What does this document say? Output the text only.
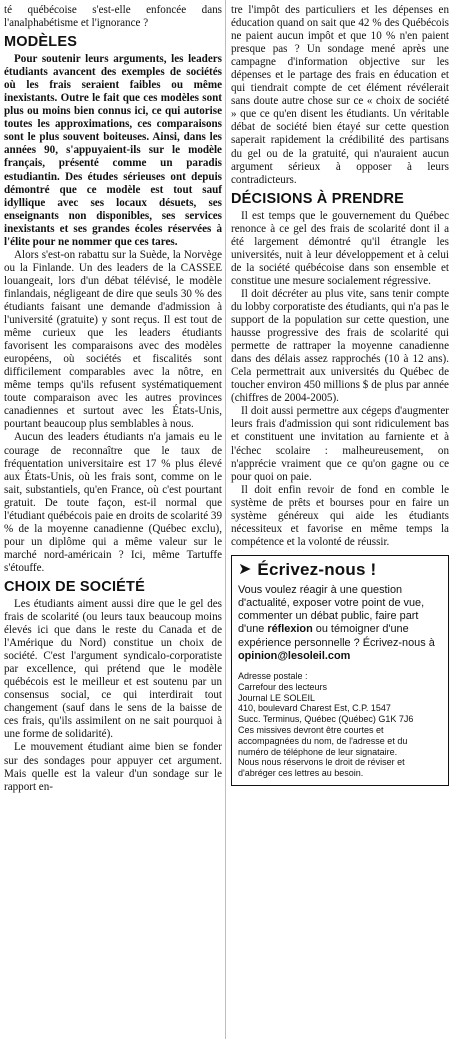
té québécoise s'est-elle enfoncée dans l'analphabétisme et l'ignorance ?

MODÈLES

Pour soutenir leurs arguments, les leaders étudiants avancent des exemples de sociétés où les frais seraient faibles ou même inexistants. Outre le fait que ces modèles sont plus ou moins bien connus ici, ce qui autorise toutes les approximations, ces comparaisons sont le plus souvent boiteuses. Ainsi, dans les années 90, s'appuyaient-ils sur le modèle français, présenté comme un paradis estudiantin. Des études sérieuses ont depuis démontré que ce modèle est tout sauf idyllique avec ses locaux désuets, ses enseignants non disponibles, ses services inexistants et ses grandes écoles réservées à l'élite pour ne nommer que ces tares.

Alors s'est-on rabattu sur la Suède, la Norvège ou la Finlande. Un des leaders de la CASSEE louangeait, lors d'un débat télévisé, le modèle finlandais, négligeant de dire que seuls 30 % des étudiants faisant une demande d'admission à l'université (gratuite) y sont reçus. Il est tout de même curieux que les leaders étudiants favorisent les comparaisons avec des modèles européens, où sociétés et fiscalités sont difficilement comparables avec la nôtre, en même temps qu'ils refusent systématiquement toute comparaison avec les autres provinces canadiennes et surtout avec les États-Unis, pourtant beaucoup plus semblables à nous.

Aucun des leaders étudiants n'a jamais eu le courage de reconnaître que le taux de fréquentation universitaire est 17 % plus élevé aux États-Unis, où les frais sont, comme on le sait, substantiels, qu'en France, où c'est pourtant gratuit. De toute façon, est-il normal que l'étudiant québécois paie en droits de scolarité 39 % de la moyenne canadienne (Québec exclu), pour un diplôme qui a même valeur sur le marché nord-américain ? Ici, même Tartuffe s'étouffe.

CHOIX DE SOCIÉTÉ

Les étudiants aiment aussi dire que le gel des frais de scolarité (ou leurs taux beaucoup moins élevés ici que dans le reste du Canada et de l'Amérique du Nord) constitue un choix de société. C'est l'argument syndicalo-corporatiste par excellence, qui prétend que le modèle québécois est le meilleur et est soutenu par un consensus social, ce qui interdirait tout changement (sauf dans le sens de la baisse de ces frais, qu'ils assimilent on ne sait pourquoi à une forme de solidarité).

Le mouvement étudiant aime bien se fonder sur des sondages pour appuyer cet argument. Mais quelle est la valeur d'un sondage sur le rapport en-

tre l'impôt des particuliers et les dépenses en éducation quand on sait que 42 % des Québécois ne paient aucun impôt et que 10 % n'en paient presque pas ? Un sondage mené après une campagne d'information objective sur les dépenses et le partage des frais en éducation et qui tiendrait compte de cet élément révélerait sans doute autre chose sur ce « choix de société » que ce qu'en disent les étudiants. Un véritable débat de société bien étayé sur cette question saperait rapidement la crédibilité des partisans du gel ou de la gratuité, qui n'auraient aucun argument sérieux à opposer à leurs contradicteurs.

DÉCISIONS À PRENDRE

Il est temps que le gouvernement du Québec renonce à ce gel des frais de scolarité dont il a été largement démontré qu'il étrangle les universités, nuit à leur développement et à celui de la société québécoise dans son ensemble et constitue une mesure socialement régressive.

Il doit décréter au plus vite, sans tenir compte du lobby corporatiste des étudiants, qui n'a pas le support de la population sur cette question, une hausse progressive des frais de scolarité qui permette de rattraper la moyenne canadienne dans des délais assez rapprochés (10 à 12 ans). Cela permettrait aux universités du Québec de toucher environ 450 millions $ de plus par année (chiffres de 2004-2005).

Il doit aussi permettre aux cégeps d'augmenter leurs frais d'admission qui sont ridiculement bas et constituent une invitation au farniente et à l'échec scolaire : malheureusement, on n'apprécie vraiment que ce qu'on gagne ou ce pour quoi on paie.

Il doit enfin revoir de fond en comble le système de prêts et bourses pour en faire un système généreux qui aide les étudiants nécessiteux et favorise en même temps la compétence et la volonté de réussir.

➤ Écrivez-nous !
Vous voulez réagir à une question d'actualité, exposer votre point de vue, commenter un débat public, faire part d'une réflexion ou témoigner d'une expérience personnelle ? Écrivez-nous à
opinion@lesoleil.com
Adresse postale :
Carrefour des lecteurs
Journal LE SOLEIL
410, boulevard Charest Est, C.P. 1547
Succ. Terminus, Québec (Québec) G1K 7J6
Ces missives devront être courtes et
accompagnées du nom, de l'adresse et du
numéro de téléphone de leur signataire.
Nous nous réservons le droit de réviser et
d'abréger ces lettres au besoin.
